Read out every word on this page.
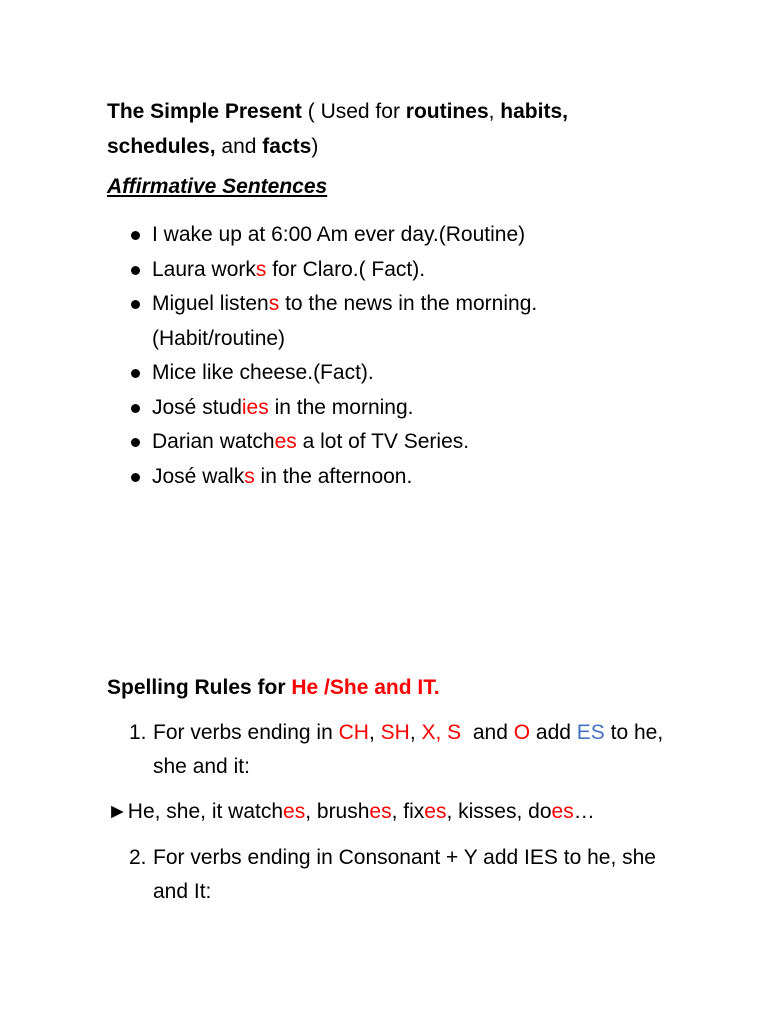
The Simple Present ( Used for routines, habits, schedules, and facts)

Affirmative Sentences

I wake up at 6:00 Am ever day.(Routine)
Laura works for Claro.( Fact).
Miguel listens to the news in the morning. (Habit/routine)
Mice like cheese.(Fact).
José studies in the morning.
Darian watches a lot of TV Series.
José walks in the afternoon.

Spelling Rules for He /She and IT.

1. For verbs ending in CH, SH, X, S  and O add ES to he, she and it:
►He, she, it watches, brushes, fixes, kisses, does…
2. For verbs ending in Consonant + Y add IES to he, she and It:
